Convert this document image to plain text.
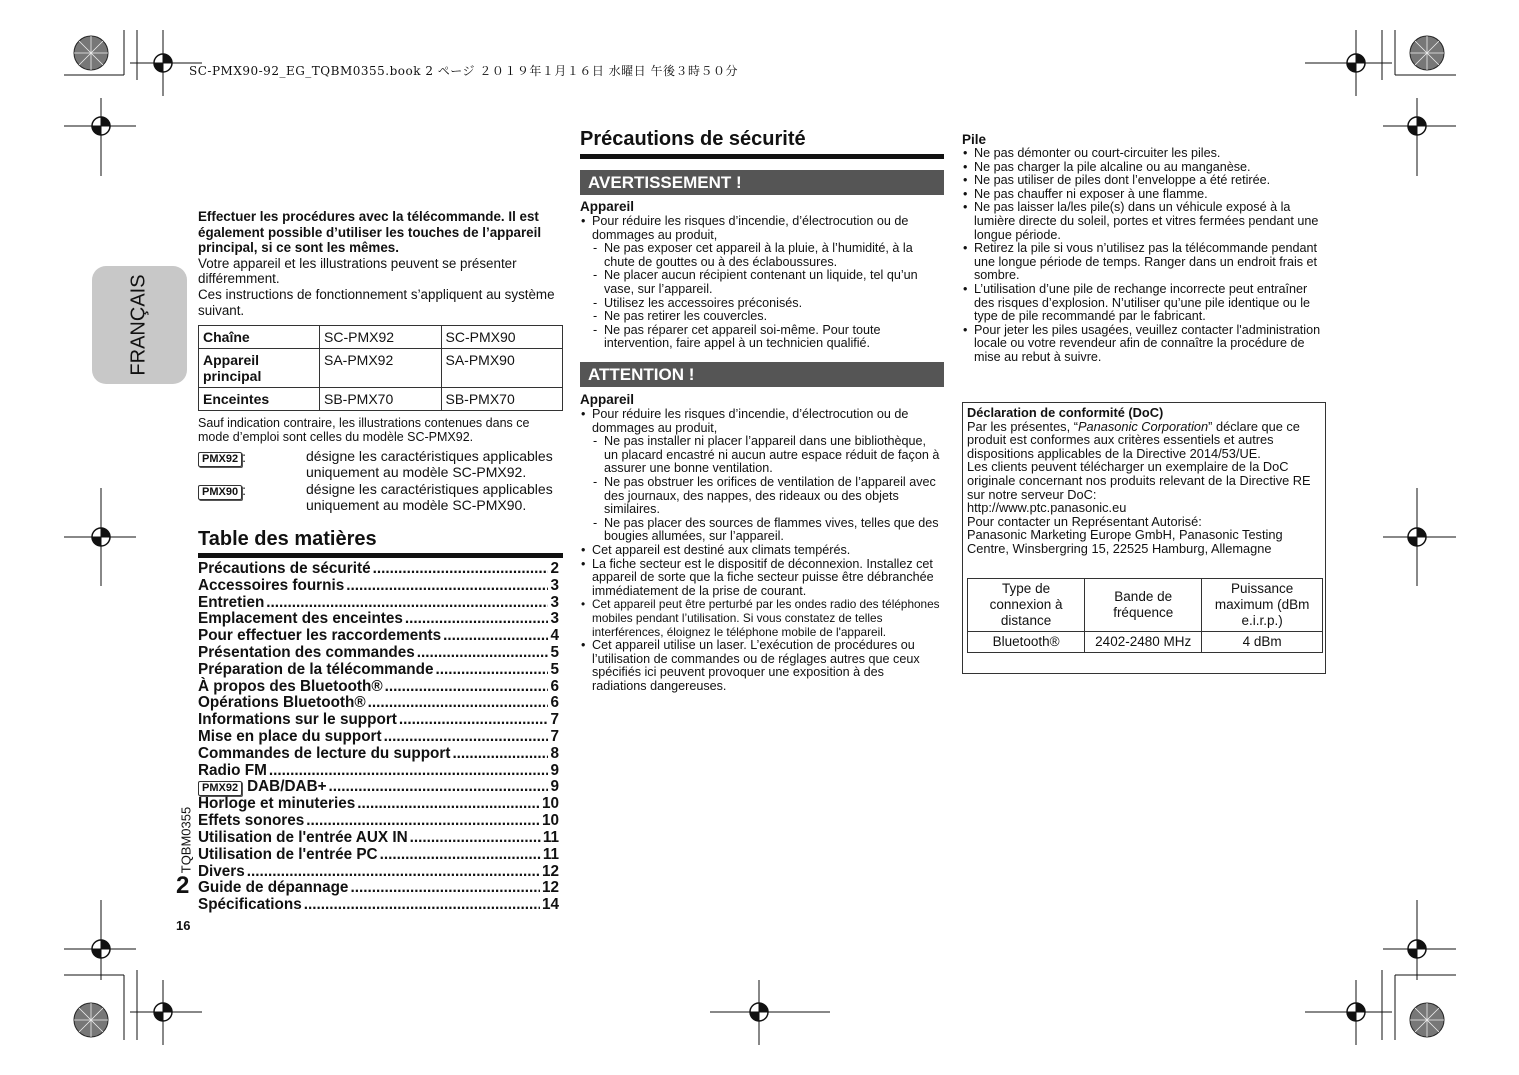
SC-PMX90-92_EG_TQBM0355.book 2 ページ ２０１９年１月１６日 水曜日 午後３時５０分
FRANÇAIS
TQBM0355
2
16
Effectuer les procédures avec la télécommande. Il est également possible d’utiliser les touches de l’appareil principal, si ce sont les mêmes.
Votre appareil et les illustrations peuvent se présenter différemment.
Ces instructions de fonctionnement s’appliquent au système suivant.
Chaîne	SC-PMX92	SC-PMX90
Appareil principal	SA-PMX92	SA-PMX90
Enceintes	SB-PMX70	SB-PMX70
Sauf indication contraire, les illustrations contenues dans ce mode d’emploi sont celles du modèle SC-PMX92.
PMX92 :	désigne les caractéristiques applicables uniquement au modèle SC-PMX92.
PMX90 :	désigne les caractéristiques applicables uniquement au modèle SC-PMX90.
Table des matières
Précautions de sécurité .....	2
Accessoires fournis .....	3
Entretien .....	3
Emplacement des enceintes .....	3
Pour effectuer les raccordements .....	4
Présentation des commandes .....	5
Préparation de la télécommande .....	5
À propos des Bluetooth® .....	6
Opérations Bluetooth® .....	6
Informations sur le support .....	7
Mise en place du support .....	7
Commandes de lecture du support .....	8
Radio FM .....	9
PMX92 DAB/DAB+ .....	9
Horloge et minuteries .....	10
Effets sonores .....	10
Utilisation de l'entrée AUX IN .....	11
Utilisation de l'entrée PC .....	11
Divers .....	12
Guide de dépannage .....	12
Spécifications .....	14
Précautions de sécurité
AVERTISSEMENT !
Appareil
• Pour réduire les risques d’incendie, d’électrocution ou de dommages au produit,
- Ne pas exposer cet appareil à la pluie, à l’humidité, à la chute de gouttes ou à des éclaboussures.
- Ne placer aucun récipient contenant un liquide, tel qu’un vase, sur l’appareil.
- Utilisez les accessoires préconisés.
- Ne pas retirer les couvercles.
- Ne pas réparer cet appareil soi-même. Pour toute intervention, faire appel à un technicien qualifié.
ATTENTION !
Appareil
• Pour réduire les risques d’incendie, d’électrocution ou de dommages au produit,
- Ne pas installer ni placer l’appareil dans une bibliothèque, un placard encastré ni aucun autre espace réduit de façon à assurer une bonne ventilation.
- Ne pas obstruer les orifices de ventilation de l’appareil avec des journaux, des nappes, des rideaux ou des objets similaires.
- Ne pas placer des sources de flammes vives, telles que des bougies allumées, sur l’appareil.
• Cet appareil est destiné aux climats tempérés.
• La fiche secteur est le dispositif de déconnexion. Installez cet appareil de sorte que la fiche secteur puisse être débranchée immédiatement de la prise de courant.
• Cet appareil peut être perturbé par les ondes radio des téléphones mobiles pendant l’utilisation. Si vous constatez de telles interférences, éloignez le téléphone mobile de l'appareil.
• Cet appareil utilise un laser. L’exécution de procédures ou l’utilisation de commandes ou de réglages autres que ceux spécifiés ici peuvent provoquer une exposition à des radiations dangereuses.
Pile
• Ne pas démonter ou court-circuiter les piles.
• Ne pas charger la pile alcaline ou au manganèse.
• Ne pas utiliser de piles dont l’enveloppe a été retirée.
• Ne pas chauffer ni exposer à une flamme.
• Ne pas laisser la/les pile(s) dans un véhicule exposé à la lumière directe du soleil, portes et vitres fermées pendant une longue période.
• Retirez la pile si vous n’utilisez pas la télécommande pendant une longue période de temps. Ranger dans un endroit frais et sombre.
• L’utilisation d’une pile de rechange incorrecte peut entraîner des risques d’explosion. N’utiliser qu’une pile identique ou le type de pile recommandé par le fabricant.
• Pour jeter les piles usagées, veuillez contacter l'administration locale ou votre revendeur afin de connaître la procédure de mise au rebut à suivre.
Déclaration de conformité (DoC)
Par les présentes, “Panasonic Corporation” déclare que ce produit est conformes aux critères essentiels et autres dispositions applicables de la Directive 2014/53/UE.
Les clients peuvent télécharger un exemplaire de la DoC originale concernant nos produits relevant de la Directive RE sur notre serveur DoC:
http://www.ptc.panasonic.eu
Pour contacter un Représentant Autorisé:
Panasonic Marketing Europe GmbH, Panasonic Testing Centre, Winsbergring 15, 22525 Hamburg, Allemagne
Type de connexion à distance	Bande de fréquence	Puissance maximum (dBm e.i.r.p.)
Bluetooth®	2402-2480 MHz	4 dBm
